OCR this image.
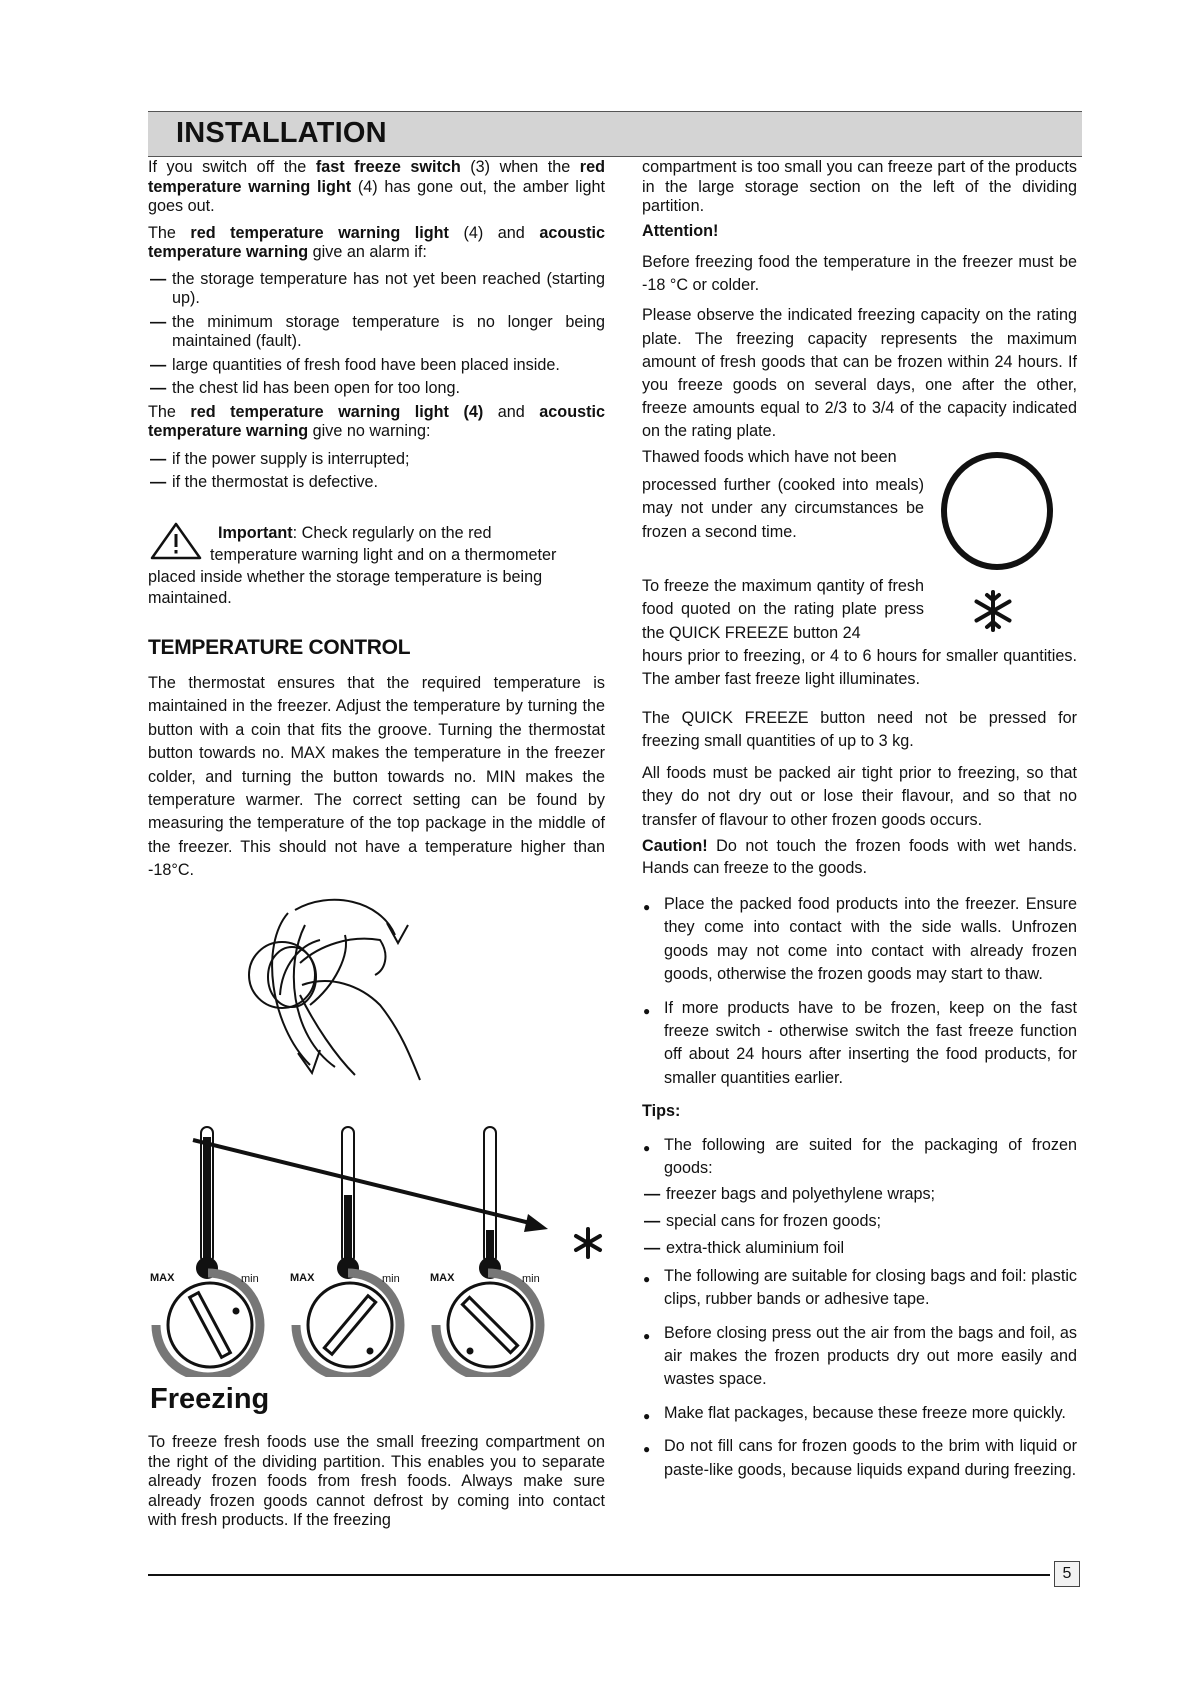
INSTALLATION

If you switch off the fast freeze switch (3) when the red temperature warning light (4) has gone out, the amber light goes out.

The red temperature warning light (4) and acoustic temperature warning give an alarm if:

— the storage temperature has not yet been reached (starting up).
— the minimum storage temperature is no longer being maintained (fault).
— large quantities of fresh food have been placed inside.
— the chest lid has been open for too long.

The red temperature warning light (4) and acoustic temperature warning give no warning:

— if the power supply is interrupted;
— if the thermostat is defective.
Important: Check regularly on the red
temperature warning light and on a thermometer placed inside whether the storage temperature is being maintained.
TEMPERATURE CONTROL
The thermostat ensures that the required temperature is maintained in the freezer. Adjust the temperature by turning the button with a coin that fits the groove. Turning the thermostat button towards no. MAX makes the temperature in the freezer colder, and turning the button towards no. MIN makes the temperature warmer. The correct setting can be found by measuring the temperature of the top package in the middle of the freezer. This should not have a temperature higher than -18°C.
MAX	min	MAX	min	MAX	min
Freezing
To freeze fresh foods use the small freezing compartment on the right of the dividing partition. This enables you to separate already frozen foods from fresh foods. Always make sure already frozen goods cannot defrost by coming into contact with fresh products. If the freezing
compartment is too small you can freeze part of the products in the large storage section on the left of the dividing partition.
Attention!

Before freezing food the temperature in the freezer must be -18 °C or colder.

Please observe the indicated freezing capacity on the rating plate. The freezing capacity represents the maximum amount of fresh goods that can be frozen within 24 hours. If you freeze goods on several days, one after the other, freeze amounts equal to 2/3 to 3/4 of the capacity indicated on the rating plate.

Thawed foods which have not been
processed further (cooked into meals) may not under any circumstances be frozen a second time.
To freeze the maximum qantity of fresh food quoted on the rating plate press the QUICK FREEZE button 24
hours prior to freezing, or 4 to 6 hours for smaller quantities. The amber fast freeze light illuminates.

The QUICK FREEZE button need not be pressed for freezing small quantities of up to 3 kg.

All foods must be packed air tight prior to freezing, so that they do not dry out or lose their flavour, and so that no transfer of flavour to other frozen goods occurs.

Caution! Do not touch the frozen foods with wet hands. Hands can freeze to the goods.

● Place the packed food products into the freezer. Ensure they come into contact with the side walls. Unfrozen goods may not come into contact with already frozen goods, otherwise the frozen goods may start to thaw.
● If more products have to be frozen, keep on the fast freeze switch - otherwise switch the fast freeze function off about 24 hours after inserting the food products, for smaller quantities earlier.

Tips:

● The following are suited for the packaging of frozen goods:
— freezer bags and polyethylene wraps;
— special cans for frozen goods;
— extra-thick aluminium foil
● The following are suitable for closing bags and foil: plastic clips, rubber bands or adhesive tape.
● Before closing press out the air from the bags and foil, as air makes the frozen products dry out more easily and wastes space.
● Make flat packages, because these freeze more quickly.
● Do not fill cans for frozen goods to the brim with liquid or paste-like goods, because liquids expand during freezing.
5
